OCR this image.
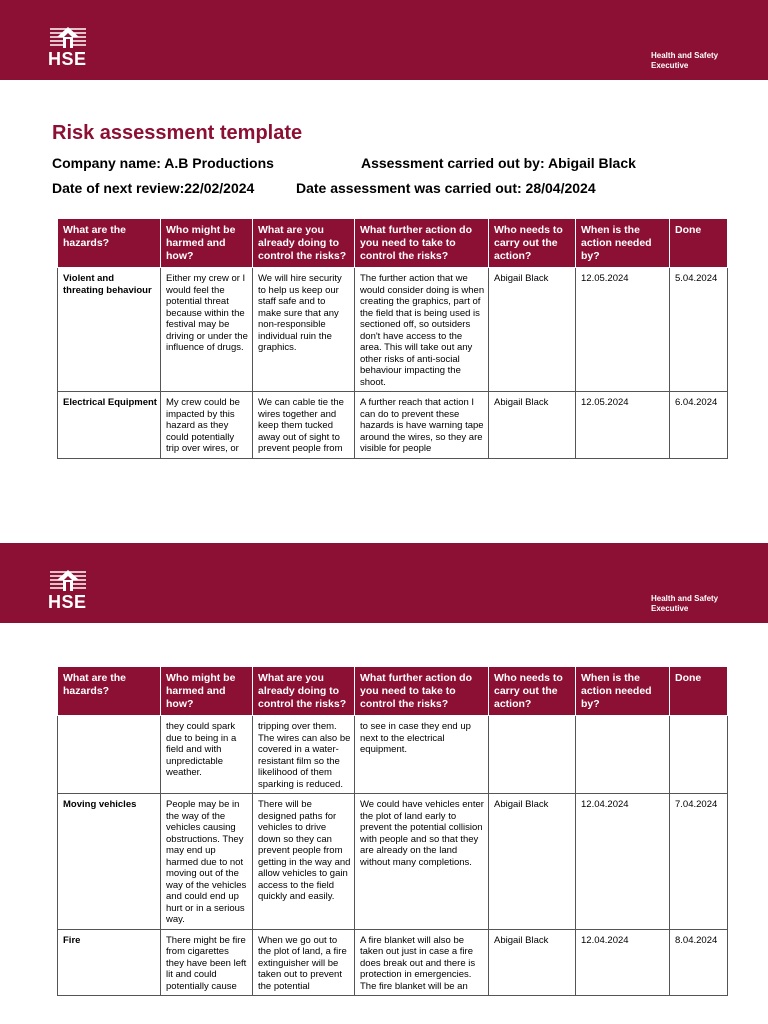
HSE	Health and Safety
Executive
Risk assessment template
Company name: A.B Productions	Assessment carried out by: Abigail Black
Date of next review:22/02/2024	Date assessment was carried out: 28/04/2024
What are the hazards?	Who might be harmed and how?	What are you already doing to control the risks?	What further action do you need to take to control the risks?	Who needs to carry out the action?	When is the action needed by?	Done
Violent and threating behaviour	Either my crew or I would feel the potential threat because within the festival may be driving or under the influence of drugs.	We will hire security to help us keep our staff safe and to make sure that any non-responsible individual ruin the graphics.	The further action that we would consider doing is when creating the graphics, part of the field that is being used is sectioned off, so outsiders don't have access to the area. This will take out any other risks of anti-social behaviour impacting the shoot.	Abigail Black	12.05.2024	5.04.2024
Electrical Equipment	My crew could be impacted by this hazard as they could potentially trip over wires, or	We can cable tie the wires together and keep them tucked away out of sight to prevent people from	A further reach that action I can do to prevent these hazards is have warning tape around the wires, so they are visible for people	Abigail Black	12.05.2024	6.04.2024
HSE	Health and Safety
Executive
What are the hazards?	Who might be harmed and how?	What are you already doing to control the risks?	What further action do you need to take to control the risks?	Who needs to carry out the action?	When is the action needed by?	Done
	they could spark due to being in a field and with unpredictable weather.	tripping over them. The wires can also be covered in a water-resistant film so the likelihood of them sparking is reduced.	to see in case they end up next to the electrical equipment.			
Moving vehicles	People may be in the way of the vehicles causing obstructions. They may end up harmed due to not moving out of the way of the vehicles and could end up hurt or in a serious way.	There will be designed paths for vehicles to drive down so they can prevent people from getting in the way and allow vehicles to gain access to the field quickly and easily.	We could have vehicles enter the plot of land early to prevent the potential collision with people and so that they are already on the land without many completions.	Abigail Black	12.04.2024	7.04.2024
Fire	There might be fire from cigarettes they have been left lit and could potentially cause	When we go out to the plot of land, a fire extinguisher will be taken out to prevent the potential	A fire blanket will also be taken out just in case a fire does break out and there is protection in emergencies. The fire blanket will be an	Abigail Black	12.04.2024	8.04.2024
